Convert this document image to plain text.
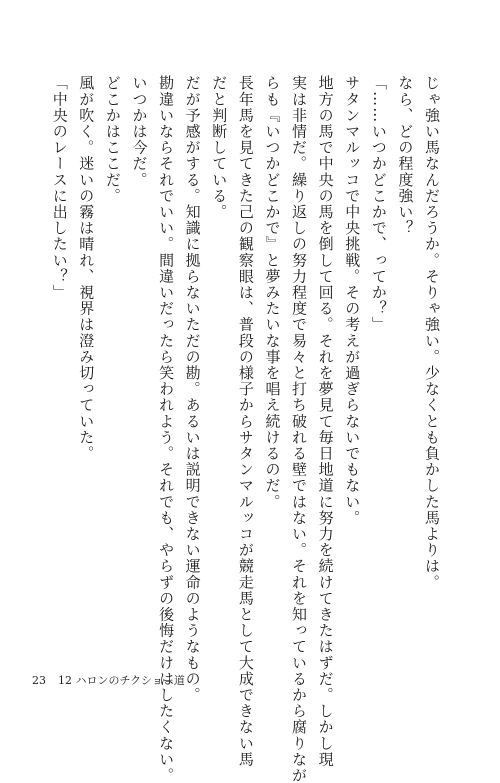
じゃ強い馬なんだろうか。そりゃ強い。少なくとも負かした馬よりは。

なら、どの程度強い？

「……いつかどこかで、ってか？」

サタンマルッコで中央挑戦。その考えが過ぎらないでもない。

地方の馬で中央の馬を倒して回る。それを夢見て毎日地道に努力を続けてきたはずだ。しかし現

実は非情だ。繰り返しの努力程度で易々と打ち破れる壁ではない。それを知っているから腐りなが

らも『いつかどこかで』と夢みたいな事を唱え続けるのだ。

長年馬を見てきた己の観察眼は、普段の様子からサタンマルッコが競走馬として大成できない馬

だと判断している。

だが予感がする。知識に拠らないただの勘。あるいは説明できない運命のようなもの。

勘違いならそれでいい。間違いだったら笑われよう。それでも、やらずの後悔だけはしたくない。

いつかは今だ。

どこかはここだ。

風が吹く。迷いの霧は晴れ、視界は澄み切っていた。

「中央のレースに出したい？」

23 12 ハロンのチクショー道
